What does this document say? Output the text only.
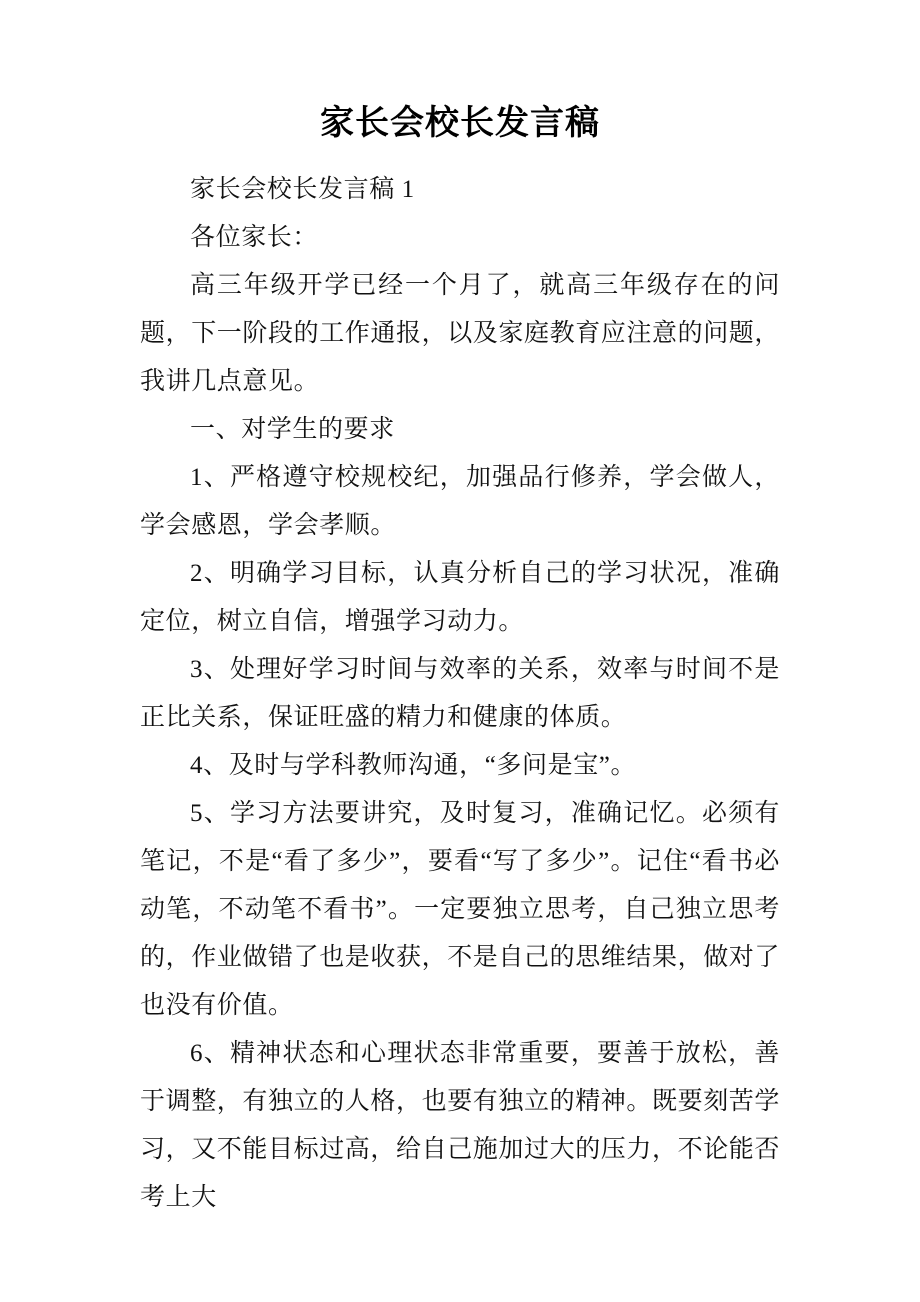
家长会校长发言稿

家长会校长发言稿 1

各位家长：

高三年级开学已经一个月了，就高三年级存在的问题，下一阶段的工作通报，以及家庭教育应注意的问题，我讲几点意见。

一、对学生的要求

1、严格遵守校规校纪，加强品行修养，学会做人，学会感恩，学会孝顺。

2、明确学习目标，认真分析自己的学习状况，准确定位，树立自信，增强学习动力。

3、处理好学习时间与效率的关系，效率与时间不是正比关系，保证旺盛的精力和健康的体质。

4、及时与学科教师沟通，“多问是宝”。

5、学习方法要讲究，及时复习，准确记忆。必须有笔记，不是“看了多少”，要看“写了多少”。记住“看书必动笔，不动笔不看书”。一定要独立思考，自己独立思考的，作业做错了也是收获，不是自己的思维结果，做对了也没有价值。

6、精神状态和心理状态非常重要，要善于放松，善于调整，有独立的人格，也要有独立的精神。既要刻苦学习，又不能目标过高，给自己施加过大的压力，不论能否考上大
